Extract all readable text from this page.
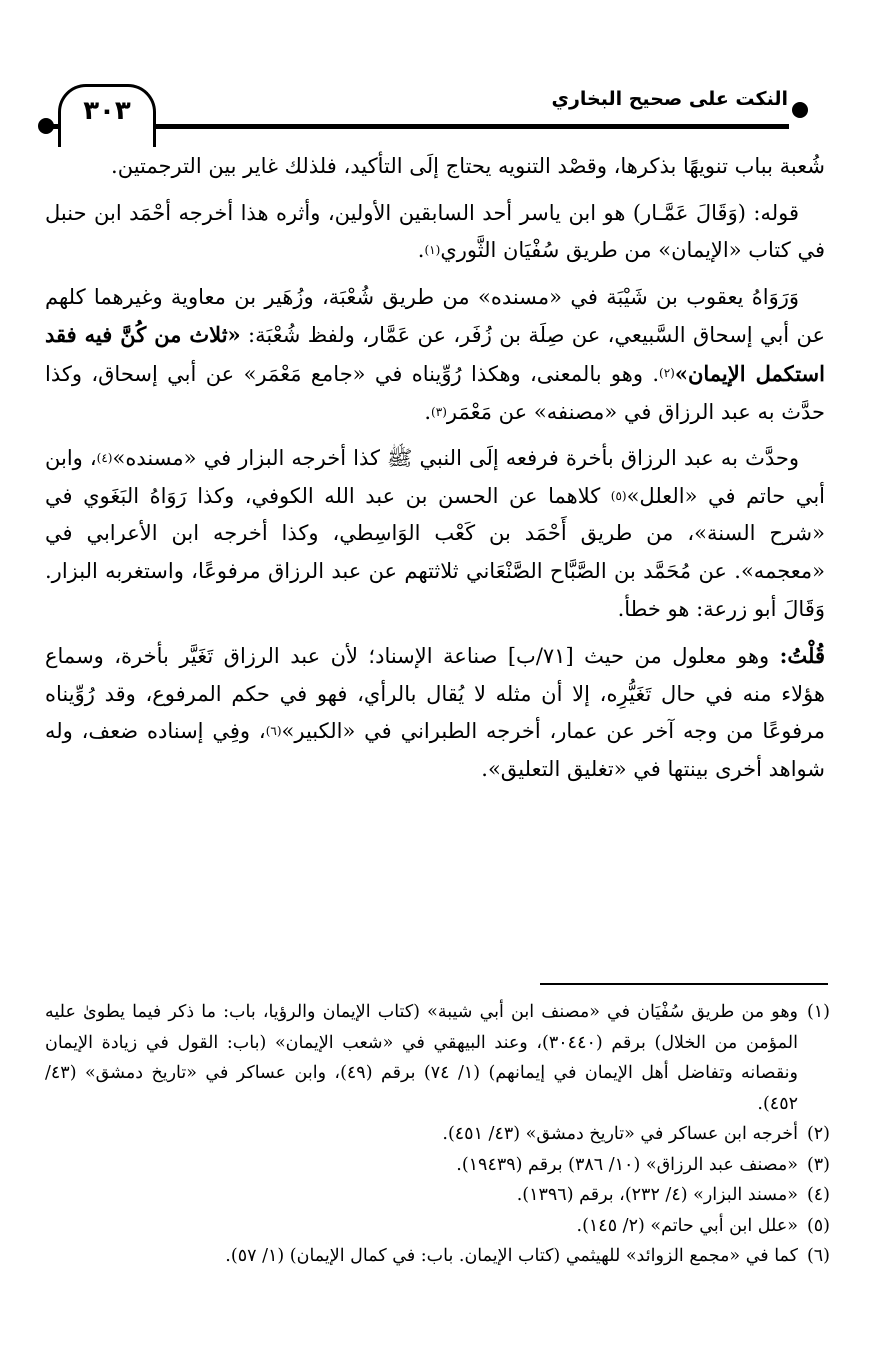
٣٠٣	النكت على صحيح البخاري

شُعبة بباب تنويهًا بذكرها، وقصْد التنويه يحتاج إلَى التأكيد، فلذلك غاير بين الترجمتين.

قوله: (وَقَالَ عَمَّـار) هو ابن ياسر أحد السابقين الأولين، وأثره هذا أخرجه أحْمَد ابن حنبل في كتاب «الإيمان» من طريق سُفْيَان الثَّوري$^{(١)}$.

وَرَوَاهُ يعقوب بن شَيْبَة في «مسنده» من طريق شُعْبَة، وزُهَير بن معاوية وغيرهما كلهم عن أبي إسحاق السَّبيعي، عن صِلَة بن زُفَر، عن عَمَّار، ولفظ شُعْبَة: «ثلاث من كُنَّ فيه فقد استكمل الإيمان»$^{(٢)}$. وهو بالمعنى، وهكذا رُوِّيناه في «جامع مَعْمَر» عن أبي إسحاق، وكذا حدَّث به عبد الرزاق في «مصنفه» عن مَعْمَر$^{(٣)}$.

وحدَّث به عبد الرزاق بأخرة فرفعه إلَى النبي ﷺ كذا أخرجه البزار في «مسنده»$^{(٤)}$، وابن أبي حاتم في «العلل»$^{(٥)}$ كلاهما عن الحسن بن عبد الله الكوفي، وكذا رَوَاهُ البَغَوي في «شرح السنة»، من طريق أَحْمَد بن كَعْب الوَاسِطي، وكذا أخرجه ابن الأعرابي في «معجمه». عن مُحَمَّد بن الصَّبَّاح الصَّنْعَاني ثلاثتهم عن عبد الرزاق مرفوعًا، واستغربه البزار. وَقَالَ أبو زرعة: هو خطأ.

قُلْتُ: وهو معلول من حيث [٧١/ب] صناعة الإسناد؛ لأن عبد الرزاق تَغَيَّر بأخرة، وسماع هؤلاء منه في حال تَغَيُّرِه، إلا أن مثله لا يُقال بالرأي، فهو في حكم المرفوع، وقد رُوِّيناه مرفوعًا من وجه آخر عن عمار، أخرجه الطبراني في «الكبير»$^{(٦)}$، وفِي إسناده ضعف، وله شواهد أخرى بينتها في «تغليق التعليق».

(١)
وهو من طريق سُفْيَان في «مصنف ابن أبي شيبة» (كتاب الإيمان والرؤيا، باب: ما ذكر فيما يطوىٰ عليه المؤمن من الخلال) برقم (٣٠٤٤٠)، وعند البيهقي في «شعب الإيمان» (باب: القول في زيادة الإيمان ونقصانه وتفاضل أهل الإيمان في إيمانهم) (١/ ٧٤) برقم (٤٩)، وابن عساكر في «تاريخ دمشق» (٤٣/ ٤٥٢).

(٢)
أخرجه ابن عساكر في «تاريخ دمشق» (٤٣/ ٤٥١).

(٣)
«مصنف عبد الرزاق» (١٠/ ٣٨٦) برقم (١٩٤٣٩).

(٤)
«مسند البزار» (٤/ ٢٣٢)، برقم (١٣٩٦).

(٥)
«علل ابن أبي حاتم» (٢/ ١٤٥).

(٦)
كما في «مجمع الزوائد» للهيثمي (كتاب الإيمان. باب: في كمال الإيمان) (١/ ٥٧).
